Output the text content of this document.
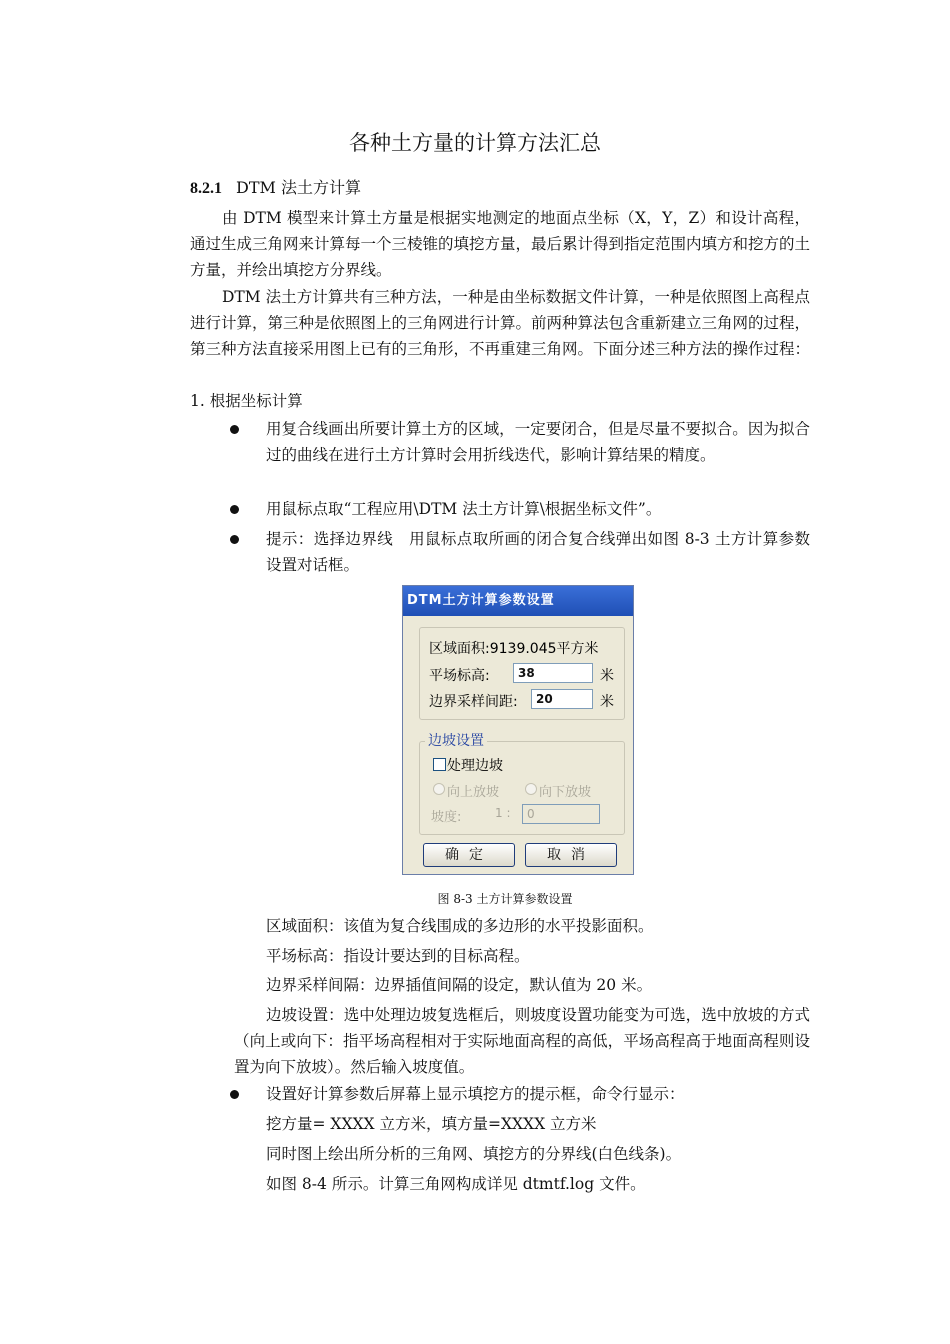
各种土方量的计算方法汇总
8.2.1 DTM 法土方计算
由 DTM 模型来计算土方量是根据实地测定的地面点坐标（X，Y，Z）和设计高程，通过生成三角网来计算每一个三棱锥的填挖方量，最后累计得到指定范围内填方和挖方的土方量，并绘出填挖方分界线。
DTM 法土方计算共有三种方法，一种是由坐标数据文件计算，一种是依照图上高程点进行计算，第三种是依照图上的三角网进行计算。前两种算法包含重新建立三角网的过程，第三种方法直接采用图上已有的三角形，不再重建三角网。下面分述三种方法的操作过程：
1. 根据坐标计算
用复合线画出所要计算土方的区域，一定要闭合，但是尽量不要拟合。因为拟合过的曲线在进行土方计算时会用折线迭代，影响计算结果的精度。
用鼠标点取“工程应用\DTM 法土方计算\根据坐标文件”。
提示：选择边界线　用鼠标点取所画的闭合复合线弹出如图 8-3 土方计算参数设置对话框。
DTM土方计算参数设置
区域面积:9139.045平方米
平场标高:	38	米
边界采样间距:	20	米
边坡设置
处理边坡
向上放坡	向下放坡
坡度:	1 :	0
确定	取消
图 8-3 土方计算参数设置
区域面积：该值为复合线围成的多边形的水平投影面积。
平场标高：指设计要达到的目标高程。
边界采样间隔：边界插值间隔的设定，默认值为 20 米。
边坡设置：选中处理边坡复选框后，则坡度设置功能变为可选，选中放坡的方式（向上或向下：指平场高程相对于实际地面高程的高低，平场高程高于地面高程则设置为向下放坡）。然后输入坡度值。
设置好计算参数后屏幕上显示填挖方的提示框，命令行显示：
挖方量= XXXX 立方米，填方量=XXXX 立方米
同时图上绘出所分析的三角网、填挖方的分界线(白色线条)。
如图 8-4 所示。计算三角网构成详见 dtmtf.log 文件。
